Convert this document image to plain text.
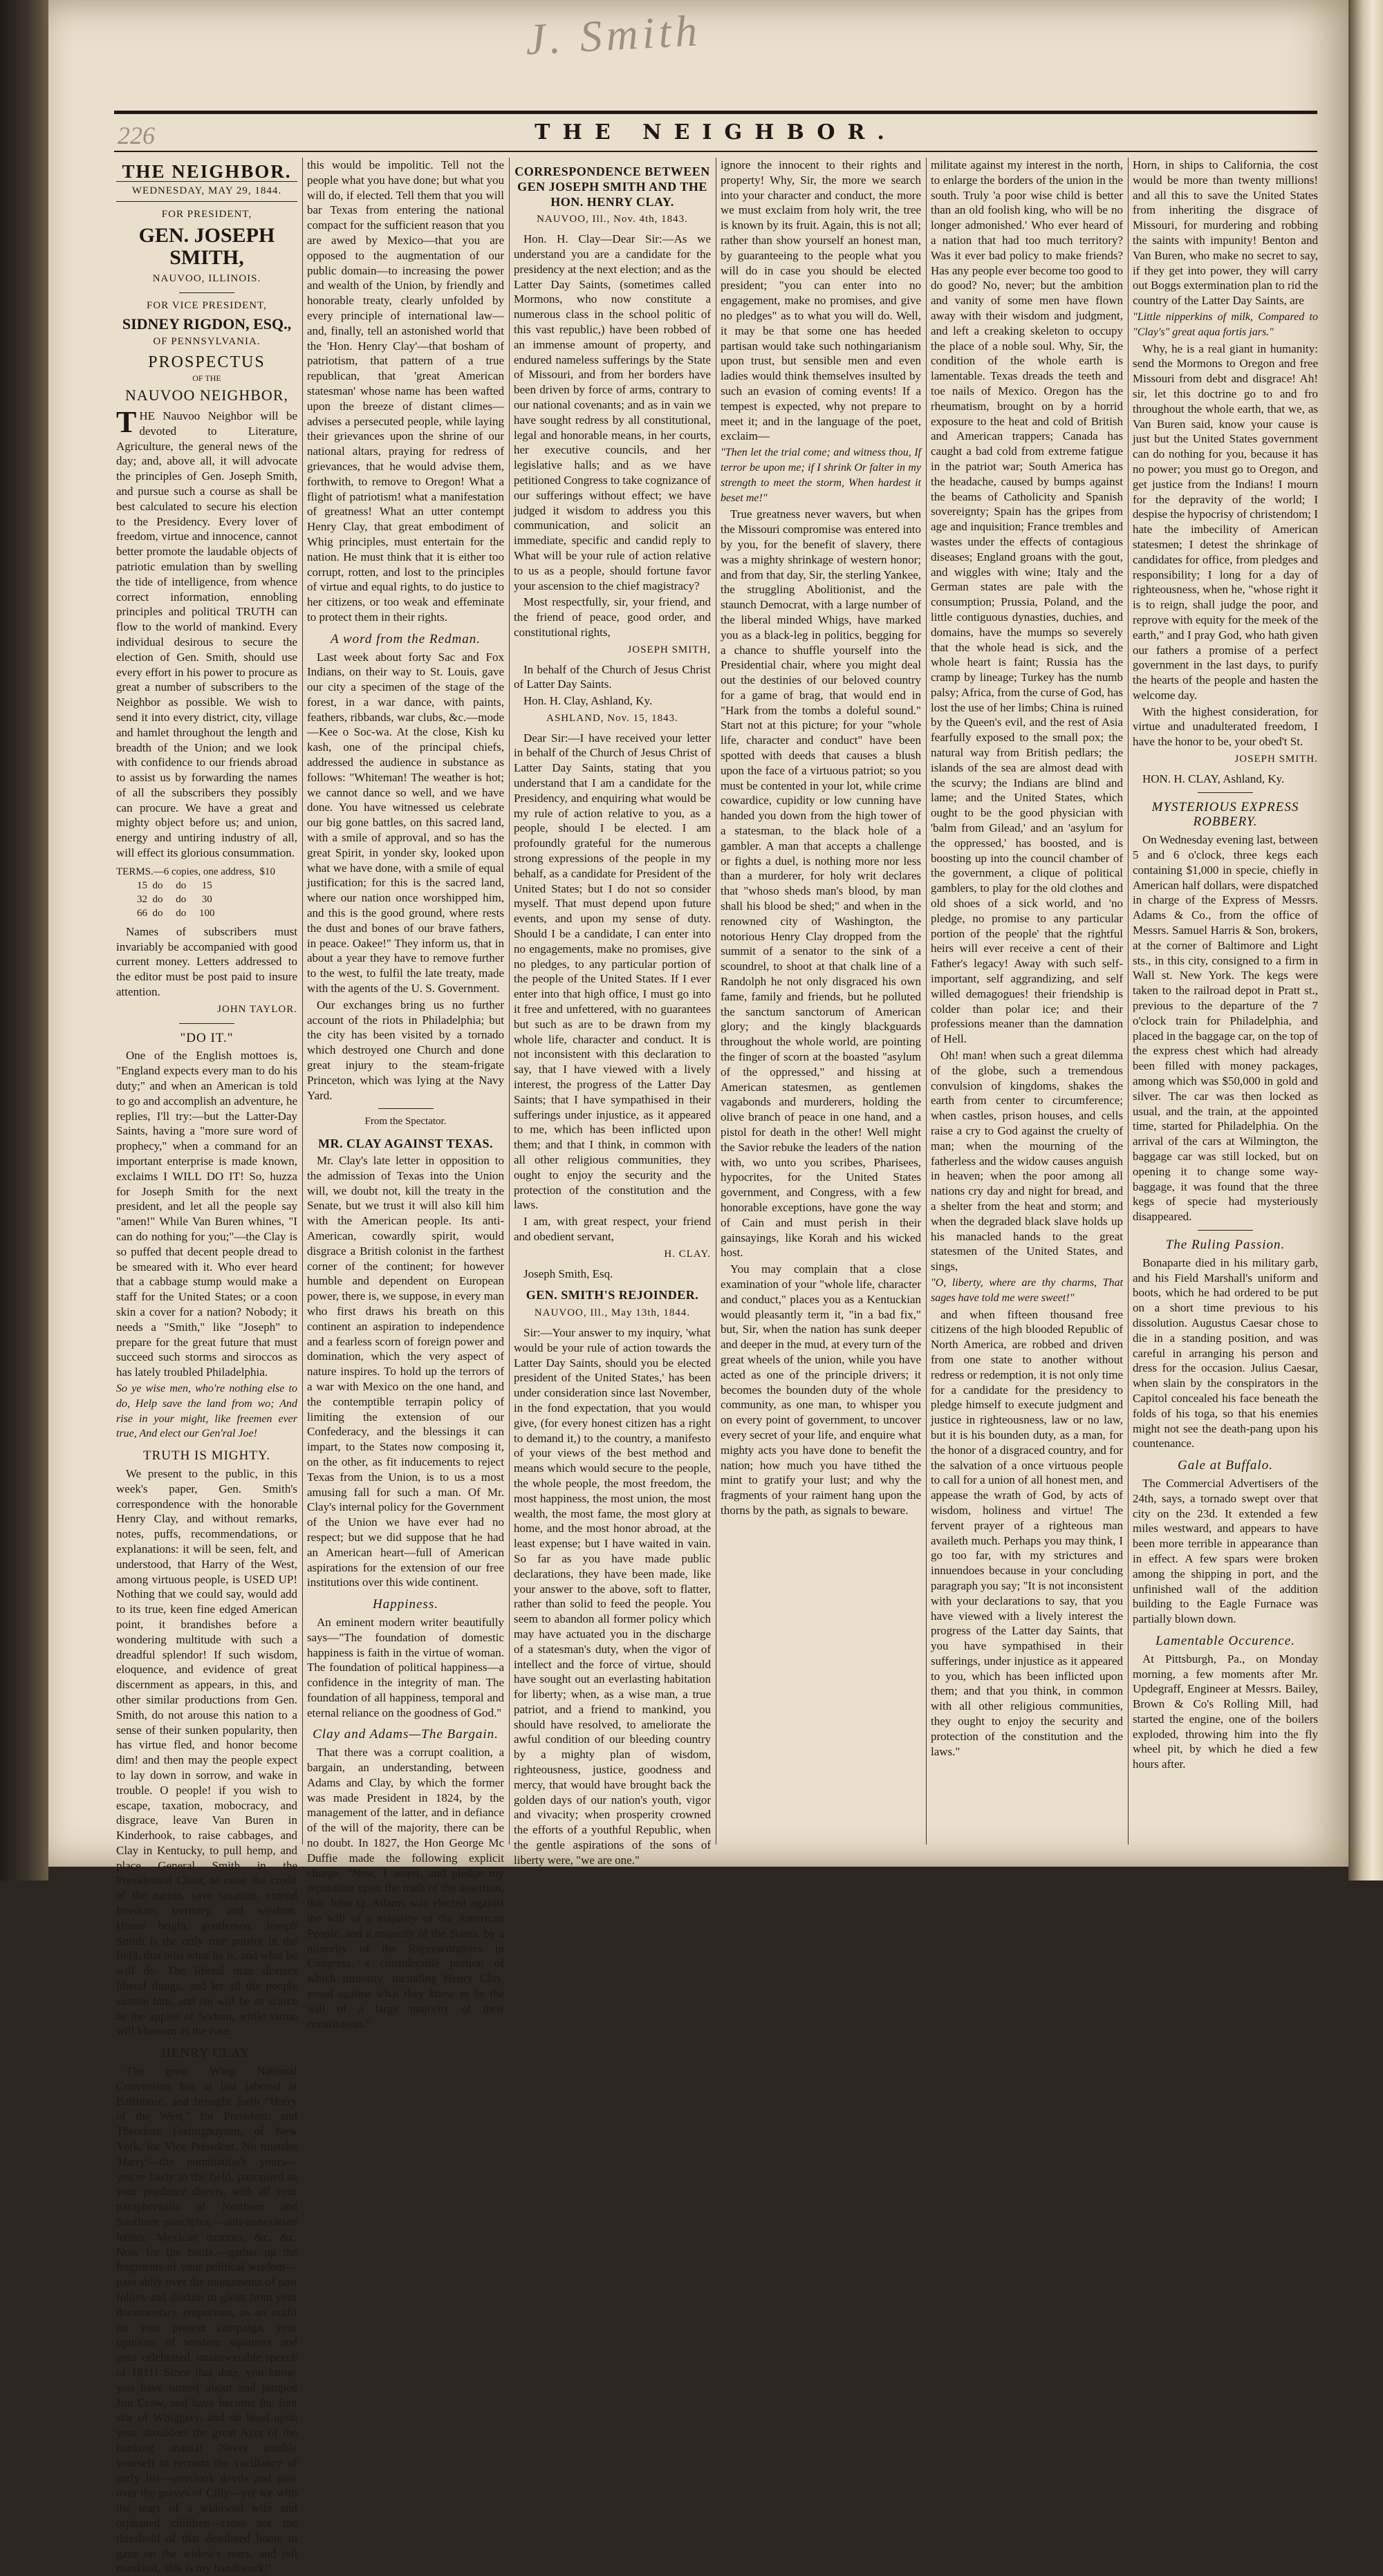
J. Smith
226	THE NEIGHBOR.
THE NEIGHBOR.
WEDNESDAY, MAY 29, 1844.
FOR PRESIDENT,
GEN. JOSEPH SMITH,
NAUVOO, ILLINOIS.
FOR VICE PRESIDENT,
SIDNEY RIGDON, ESQ.,
OF PENNSYLVANIA.
PROSPECTUS
OF THE
NAUVOO NEIGHBOR,

THE Nauvoo Neighbor will be devoted to Literature, Agriculture, the general news of the day; and, above all, it will advocate the principles of Gen. Joseph Smith, and pursue such a course as shall be best calculated to secure his election to the Presidency. Every lover of freedom, virtue and innocence, cannot better promote the laudable objects of patriotic emulation than by swelling the tide of intelligence, from whence correct information, ennobling principles and political TRUTH can flow to the world of mankind. Every individual desirous to secure the election of Gen. Smith, should use every effort in his power to procure as great a number of subscribers to the Neighbor as possible. We wish to send it into every district, city, village and hamlet throughout the length and breadth of the Union; and we look with confidence to our friends abroad to assist us by forwarding the names of all the subscribers they possibly can procure. We have a great and mighty object before us; and union, energy and untiring industry of all, will effect its glorious consummation.

TERMS.—6 copies, one address,  $10
15  do     do      15
32  do     do      30
66  do     do     100

Names of subscribers must invariably be accompanied with good current money. Letters addressed to the editor must be post paid to insure attention.

JOHN TAYLOR.
"DO IT."

One of the English mottoes is, "England expects every man to do his duty;" and when an American is told to go and accomplish an adventure, he replies, I'll try:—but the Latter-Day Saints, having a "more sure word of prophecy," when a command for an important enterprise is made known, exclaims I WILL DO IT! So, huzza for Joseph Smith for the next president, and let all the people say "amen!" While Van Buren whines, "I can do nothing for you;"—the Clay is so puffed that decent people dread to be smeared with it. Who ever heard that a cabbage stump would make a staff for the United States; or a coon skin a cover for a nation? Nobody; it needs a "Smith," like "Joseph" to prepare for the great future that must succeed such storms and siroccos as has lately troubled Philadelphia.

So ye wise men, who're nothing else to do, Help save the land from wo; And rise in your might, like freemen ever true, And elect our Gen'ral Joe!

TRUTH IS MIGHTY.

We present to the public, in this week's paper, Gen. Smith's correspondence with the honorable Henry Clay, and without remarks, notes, puffs, recommendations, or explanations: it will be seen, felt, and understood, that Harry of the West, among virtuous people, is USED UP! Nothing that we could say, would add to its true, keen fine edged American point, it brandishes before a wondering multitude with such a dreadful splendor! If such wisdom, eloquence, and evidence of great discernment as appears, in this, and other similar productions from Gen. Smith, do not arouse this nation to a sense of their sunken popularity, then has virtue fled, and honor become dim! and then may the people expect to lay down in sorrow, and wake in trouble. O people! if you wish to escape, taxation, mobocracy, and disgrace, leave Van Buren in Kinderhook, to raise cabbages, and Clay in Kentucky, to pull hemp, and place General Smith in the Presidential Chair, to raise the credit of the nation, save taxation, extend freedom, territory, and wisdom. Honor bright, gentlemen, Joseph Smith is the only true patriot in the field, that tells what he is, and what he will do. The liberal man devises liberal things, and let all the people sustain him, and sin will be as scarce as the apples of Sodom, while virtue will blossom as the rose.

HENRY CLAY.

The great Whig National Convention has at last labored at Baltimore, and brought forth "Harry of the West," for President; and Theodore Frelinghuysen, of New York, for Vice President. No mistake 'Harry'—the nomination's yours—you're fairly in the field, panoplied as your prudence directs, with all your paraphernalia of Northern and Southern principles,—anti-annexation letters, Mexican tremors, &c. &c. Now for the battle,—gather up the fragments of your political wisdom—pass shily over the monuments of past follies and disdain to glean from your documentary emporium, as an outfit for your present campaign, your opinions of western squatters and your celebrated, unanswerable speech of 1811! Since that date, you know, you have turned about and jumped Jim Crow, and have become the foot star of Whiggery, and on head upon your shoulders the great Ajax of the banking mania! Never trouble yourself to recount the vacillancy of early life—overlook devils and pass over the graves of Cilly—yet we with the tears of a widowed wife and orphaned children—cross not the threshold of that desolated home to gaze on the widow's tears, and tell mankind, 'this is my handiwork!'

this would be impolitic. Tell not the people what you have done; but what you will do, if elected. Tell them that you will bar Texas from entering the national compact for the sufficient reason that you are awed by Mexico—that you are opposed to the augmentation of our public domain—to increasing the power and wealth of the Union, by friendly and honorable treaty, clearly unfolded by every principle of international law—and, finally, tell an astonished world that the 'Hon. Henry Clay'—that bosham of patriotism, that pattern of a true republican, that 'great American statesman' whose name has been wafted upon the breeze of distant climes—advises a persecuted people, while laying their grievances upon the shrine of our national altars, praying for redress of grievances, that he would advise them, forthwith, to remove to Oregon! What a flight of patriotism! what a manifestation of greatness! What an utter contempt Henry Clay, that great embodiment of Whig principles, must entertain for the nation. He must think that it is either too corrupt, rotten, and lost to the principles of virtue and equal rights, to do justice to her citizens, or too weak and effeminate to protect them in their rights.

A word from the Redman.

Last week about forty Sac and Fox Indians, on their way to St. Louis, gave our city a specimen of the stage of the forest, in a war dance, with paints, feathers, ribbands, war clubs, &c.—mode—Kee o Soc-wa. At the close, Kish ku kash, one of the principal chiefs, addressed the audience in substance as follows: "Whiteman! The weather is hot; we cannot dance so well, and we have done. You have witnessed us celebrate our big gone battles, on this sacred land, with a smile of approval, and so has the great Spirit, in yonder sky, looked upon what we have done, with a smile of equal justification; for this is the sacred land, where our nation once worshipped him, and this is the good ground, where rests the dust and bones of our brave fathers, in peace. Oakee!" They inform us, that in about a year they have to remove further to the west, to fulfil the late treaty, made with the agents of the U. S. Government.

Our exchanges bring us no further account of the riots in Philadelphia; but the city has been visited by a tornado which destroyed one Church and done great injury to the steam-frigate Princeton, which was lying at the Navy Yard.

From the Spectator.
MR. CLAY AGAINST TEXAS.

Mr. Clay's late letter in opposition to the admission of Texas into the Union will, we doubt not, kill the treaty in the Senate, but we trust it will also kill him with the American people. Its anti-American, cowardly spirit, would disgrace a British colonist in the farthest corner of the continent; for however humble and dependent on European power, there is, we suppose, in every man who first draws his breath on this continent an aspiration to independence and a fearless scorn of foreign power and domination, which the very aspect of nature inspires. To hold up the terrors of a war with Mexico on the one hand, and the contemptible terrapin policy of limiting the extension of our Confederacy, and the blessings it can impart, to the States now composing it, on the other, as fit inducements to reject Texas from the Union, is to us a most amusing fall for such a man. Of Mr. Clay's internal policy for the Government of the Union we have ever had no respect; but we did suppose that he had an American heart—full of American aspirations for the extension of our free institutions over this wide continent.

Happiness.

An eminent modern writer beautifully says—"The foundation of domestic happiness is faith in the virtue of woman. The foundation of political happiness—a confidence in the integrity of man. The foundation of all happiness, temporal and eternal reliance on the goodness of God."

Clay and Adams—The Bargain.

That there was a corrupt coalition, a bargain, an understanding, between Adams and Clay, by which the former was made President in 1824, by the management of the latter, and in defiance of the will of the majority, there can be no doubt. In 1827, the Hon George Mc Duffie made the following explicit charge. "Now, I assert, and pledge my reputation upon the truth of the assertion, that John Q. Adams was elected against the will of a majority of the American People, and a majority of the States, by a minority of the Representatives in Congress, a considerable portion of which minority, including Henry Clay, voted against what they knew to be the will of a large majority of their constituents."

CORRESPONDENCE BETWEEN GEN JOSEPH SMITH AND THE HON. HENRY CLAY.
NAUVOO, Ill., Nov. 4th, 1843.

Hon. H. Clay—Dear Sir:—As we understand you are a candidate for the presidency at the next election; and as the Latter Day Saints, (sometimes called Mormons, who now constitute a numerous class in the school politic of this vast republic,) have been robbed of an immense amount of property, and endured nameless sufferings by the State of Missouri, and from her borders have been driven by force of arms, contrary to our national covenants; and as in vain we have sought redress by all constitutional, legal and honorable means, in her courts, her executive councils, and her legislative halls; and as we have petitioned Congress to take cognizance of our sufferings without effect; we have judged it wisdom to address you this communication, and solicit an immediate, specific and candid reply to What will be your rule of action relative to us as a people, should fortune favor your ascension to the chief magistracy?

Most respectfully, sir, your friend, and the friend of peace, good order, and constitutional rights,

JOSEPH SMITH,

In behalf of the Church of Jesus Christ of Latter Day Saints.

Hon. H. Clay, Ashland, Ky.

ASHLAND, Nov. 15, 1843.

Dear Sir:—I have received your letter in behalf of the Church of Jesus Christ of Latter Day Saints, stating that you understand that I am a candidate for the Presidency, and enquiring what would be my rule of action relative to you, as a people, should I be elected. I am profoundly grateful for the numerous strong expressions of the people in my behalf, as a candidate for President of the United States; but I do not so consider myself. That must depend upon future events, and upon my sense of duty. Should I be a candidate, I can enter into no engagements, make no promises, give no pledges, to any particular portion of the people of the United States. If I ever enter into that high office, I must go into it free and unfettered, with no guarantees but such as are to be drawn from my whole life, character and conduct. It is not inconsistent with this declaration to say, that I have viewed with a lively interest, the progress of the Latter Day Saints; that I have sympathised in their sufferings under injustice, as it appeared to me, which has been inflicted upon them; and that I think, in common with all other religious communities, they ought to enjoy the security and the protection of the constitution and the laws.

I am, with great respect, your friend and obedient servant,

H. CLAY.

Joseph Smith, Esq.

GEN. SMITH'S REJOINDER.
NAUVOO, Ill., May 13th, 1844.

Sir:—Your answer to my inquiry, 'what would be your rule of action towards the Latter Day Saints, should you be elected president of the United States,' has been under consideration since last November, in the fond expectation, that you would give, (for every honest citizen has a right to demand it,) to the country, a manifesto of your views of the best method and means which would secure to the people, the whole people, the most freedom, the most happiness, the most union, the most wealth, the most fame, the most glory at home, and the most honor abroad, at the least expense; but I have waited in vain. So far as you have made public declarations, they have been made, like your answer to the above, soft to flatter, rather than solid to feed the people. You seem to abandon all former policy which may have actuated you in the discharge of a statesman's duty, when the vigor of intellect and the force of virtue, should have sought out an everlasting habitation for liberty; when, as a wise man, a true patriot, and a friend to mankind, you should have resolved, to ameliorate the awful condition of our bleeding country by a mighty plan of wisdom, righteousness, justice, goodness and mercy, that would have brought back the golden days of our nation's youth, vigor and vivacity; when prosperity crowned the efforts of a youthful Republic, when the gentle aspirations of the sons of liberty were, "we are one."

ignore the innocent to their rights and property! Why, Sir, the more we search into your character and conduct, the more we must exclaim from holy writ, the tree is known by its fruit. Again, this is not all; rather than show yourself an honest man, by guaranteeing to the people what you will do in case you should be elected president; "you can enter into no engagement, make no promises, and give no pledges" as to what you will do. Well, it may be that some one has heeded partisan would take such nothingarianism upon trust, but sensible men and even ladies would think themselves insulted by such an evasion of coming events! If a tempest is expected, why not prepare to meet it; and in the language of the poet, exclaim—

"Then let the trial come; and witness thou, If terror be upon me; if I shrink Or falter in my strength to meet the storm, When hardest it beset me!"

True greatness never wavers, but when the Missouri compromise was entered into by you, for the benefit of slavery, there was a mighty shrinkage of western honor; and from that day, Sir, the sterling Yankee, the struggling Abolitionist, and the staunch Democrat, with a large number of the liberal minded Whigs, have marked you as a black-leg in politics, begging for a chance to shuffle yourself into the Presidential chair, where you might deal out the destinies of our beloved country for a game of brag, that would end in "Hark from the tombs a doleful sound." Start not at this picture; for your "whole life, character and conduct" have been spotted with deeds that causes a blush upon the face of a virtuous patriot; so you must be contented in your lot, while crime cowardice, cupidity or low cunning have handed you down from the high tower of a statesman, to the black hole of a gambler. A man that accepts a challenge or fights a duel, is nothing more nor less than a murderer, for holy writ declares that "whoso sheds man's blood, by man shall his blood be shed;" and when in the renowned city of Washington, the notorious Henry Clay dropped from the summit of a senator to the sink of a scoundrel, to shoot at that chalk line of a Randolph he not only disgraced his own fame, family and friends, but he polluted the sanctum sanctorum of American glory; and the kingly blackguards throughout the whole world, are pointing the finger of scorn at the boasted "asylum of the oppressed," and hissing at American statesmen, as gentlemen vagabonds and murderers, holding the olive branch of peace in one hand, and a pistol for death in the other! Well might the Savior rebuke the leaders of the nation with, wo unto you scribes, Pharisees, hypocrites, for the United States government, and Congress, with a few honorable exceptions, have gone the way of Cain and must perish in their gainsayings, like Korah and his wicked host.

You may complain that a close examination of your "whole life, character and conduct," places you as a Kentuckian would pleasantly term it, "in a bad fix," but, Sir, when the nation has sunk deeper and deeper in the mud, at every turn of the great wheels of the union, while you have acted as one of the principle drivers; it becomes the bounden duty of the whole community, as one man, to whisper you on every point of government, to uncover every secret of your life, and enquire what mighty acts you have done to benefit the nation; how much you have tithed the mint to gratify your lust; and why the fragments of your raiment hang upon the thorns by the path, as signals to beware.

militate against my interest in the north, to enlarge the borders of the union in the south. Truly 'a poor wise child is better than an old foolish king, who will be no longer admonished.' Who ever heard of a nation that had too much territory? Was it ever bad policy to make friends? Has any people ever become too good to do good? No, never; but the ambition and vanity of some men have flown away with their wisdom and judgment, and left a creaking skeleton to occupy the place of a noble soul. Why, Sir, the condition of the whole earth is lamentable. Texas dreads the teeth and toe nails of Mexico. Oregon has the rheumatism, brought on by a horrid exposure to the heat and cold of British and American trappers; Canada has caught a bad cold from extreme fatigue in the patriot war; South America has the headache, caused by bumps against the beams of Catholicity and Spanish sovereignty; Spain has the gripes from age and inquisition; France trembles and wastes under the effects of contagious diseases; England groans with the gout, and wiggles with wine; Italy and the German states are pale with the consumption; Prussia, Poland, and the little contiguous dynasties, duchies, and domains, have the mumps so severely that the whole head is sick, and the whole heart is faint; Russia has the cramp by lineage; Turkey has the numb palsy; Africa, from the curse of God, has lost the use of her limbs; China is ruined by the Queen's evil, and the rest of Asia fearfully exposed to the small pox; the natural way from British pedlars; the islands of the sea are almost dead with the scurvy; the Indians are blind and lame; and the United States, which ought to be the good physician with 'balm from Gilead,' and an 'asylum for the oppressed,' has boosted, and is boosting up into the council chamber of the government, a clique of political gamblers, to play for the old clothes and old shoes of a sick world, and 'no pledge, no promise to any particular portion of the people' that the rightful heirs will ever receive a cent of their Father's legacy! Away with such self-important, self aggrandizing, and self willed demagogues! their friendship is colder than polar ice; and their professions meaner than the damnation of Hell.

Oh! man! when such a great dilemma of the globe, such a tremendous convulsion of kingdoms, shakes the earth from center to circumference; when castles, prison houses, and cells raise a cry to God against the cruelty of man; when the mourning of the fatherless and the widow causes anguish in heaven; when the poor among all nations cry day and night for bread, and a shelter from the heat and storm; and when the degraded black slave holds up his manacled hands to the great statesmen of the United States, and sings,

"O, liberty, where are thy charms, That sages have told me were sweet!"

and when fifteen thousand free citizens of the high blooded Republic of North America, are robbed and driven from one state to another without redress or redemption, it is not only time for a candidate for the presidency to pledge himself to execute judgment and justice in righteousness, law or no law, but it is his bounden duty, as a man, for the honor of a disgraced country, and for the salvation of a once virtuous people to call for a union of all honest men, and appease the wrath of God, by acts of wisdom, holiness and virtue! The fervent prayer of a righteous man availeth much. Perhaps you may think, I go too far, with my strictures and innuendoes because in your concluding paragraph you say; "It is not inconsistent with your declarations to say, that you have viewed with a lively interest the progress of the Latter day Saints, that you have sympathised in their sufferings, under injustice as it appeared to you, which has been inflicted upon them; and that you think, in common with all other religious communities, they ought to enjoy the security and protection of the constitution and the laws."

Horn, in ships to California, the cost would be more than twenty millions! and all this to save the United States from inheriting the disgrace of Missouri, for murdering and robbing the saints with impunity! Benton and Van Buren, who make no secret to say, if they get into power, they will carry out Boggs extermination plan to rid the country of the Latter Day Saints, are

"Little nipperkins of milk, Compared to "Clay's" great aqua fortis jars."

Why, he is a real giant in humanity: send the Mormons to Oregon and free Missouri from debt and disgrace! Ah! sir, let this doctrine go to and fro throughout the whole earth, that we, as Van Buren said, know your cause is just but the United States government can do nothing for you, because it has no power; you must go to Oregon, and get justice from the Indians! I mourn for the depravity of the world; I despise the hypocrisy of christendom; I hate the imbecility of American statesmen; I detest the shrinkage of candidates for office, from pledges and responsibility; I long for a day of righteousness, when he, "whose right it is to reign, shall judge the poor, and reprove with equity for the meek of the earth," and I pray God, who hath given our fathers a promise of a perfect government in the last days, to purify the hearts of the people and hasten the welcome day.

With the highest consideration, for virtue and unadulterated freedom, I have the honor to be, your obed't St.

JOSEPH SMITH.

HON. H. CLAY, Ashland, Ky.

MYSTERIOUS EXPRESS ROBBERY.

On Wednesday evening last, between 5 and 6 o'clock, three kegs each containing $1,000 in specie, chiefly in American half dollars, were dispatched in charge of the Express of Messrs. Adams & Co., from the office of Messrs. Samuel Harris & Son, brokers, at the corner of Baltimore and Light sts., in this city, consigned to a firm in Wall st. New York. The kegs were taken to the railroad depot in Pratt st., previous to the departure of the 7 o'clock train for Philadelphia, and placed in the baggage car, on the top of the express chest which had already been filled with money packages, among which was $50,000 in gold and silver. The car was then locked as usual, and the train, at the appointed time, started for Philadelphia. On the arrival of the cars at Wilmington, the baggage car was still locked, but on opening it to change some way-baggage, it was found that the three kegs of specie had mysteriously disappeared.

The Ruling Passion.

Bonaparte died in his military garb, and his Field Marshall's uniform and boots, which he had ordered to be put on a short time previous to his dissolution. Augustus Caesar chose to die in a standing position, and was careful in arranging his person and dress for the occasion. Julius Caesar, when slain by the conspirators in the Capitol concealed his face beneath the folds of his toga, so that his enemies might not see the death-pang upon his countenance.

Gale at Buffalo.

The Commercial Advertisers of the 24th, says, a tornado swept over that city on the 23d. It extended a few miles westward, and appears to have been more terrible in appearance than in effect. A few spars were broken among the shipping in port, and the unfinished wall of the addition building to the Eagle Furnace was partially blown down.

Lamentable Occurence.

At Pittsburgh, Pa., on Monday morning, a few moments after Mr. Updegraff, Engineer at Messrs. Bailey, Brown & Co's Rolling Mill, had started the engine, one of the boilers exploded, throwing him into the fly wheel pit, by which he died a few hours after.
